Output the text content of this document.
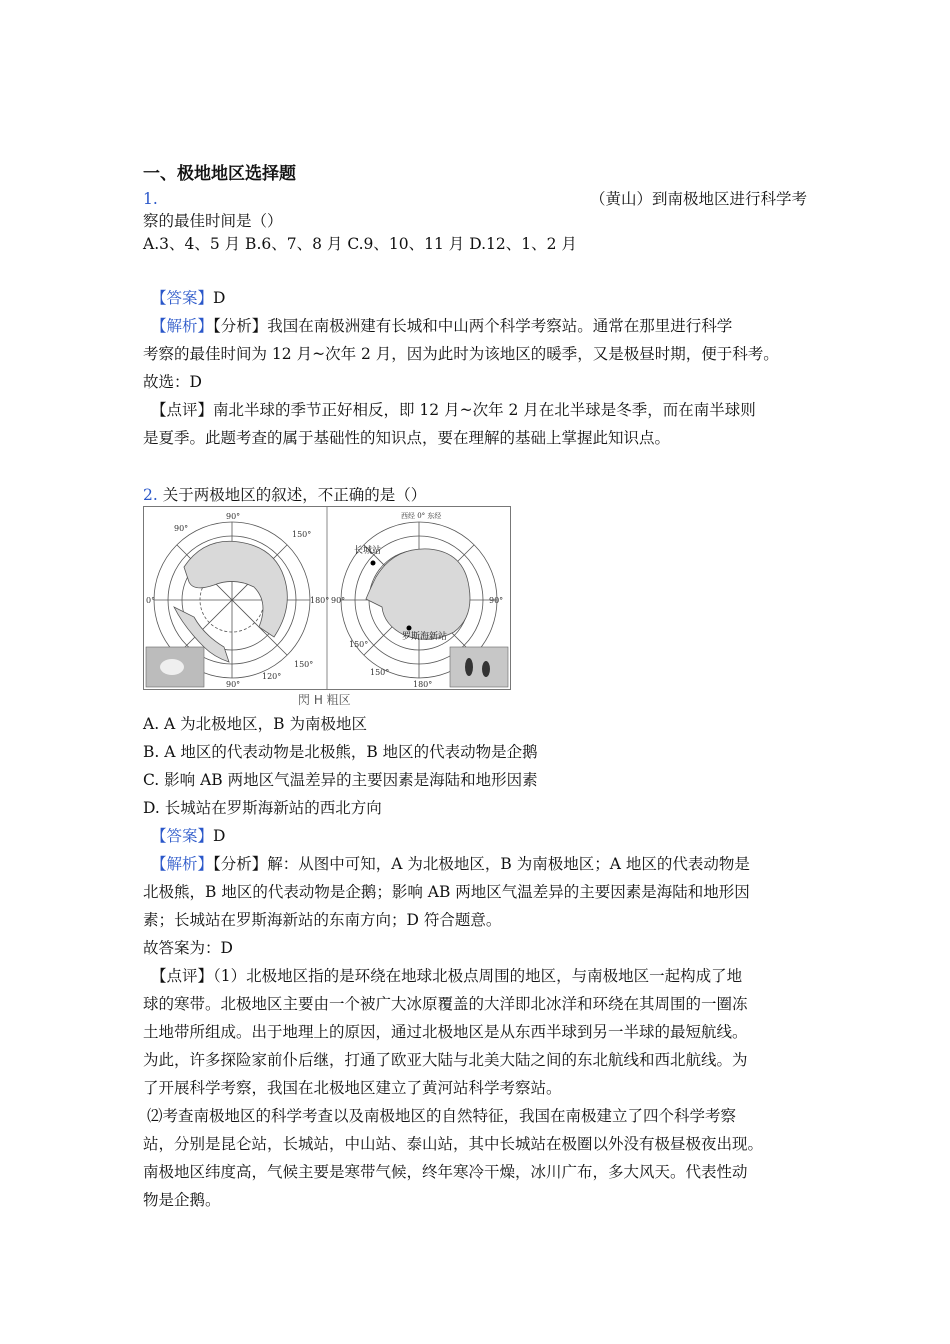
一、极地地区选择题
1.	（黄山）到南极地区进行科学考
察的最佳时间是（）
A.3、4、5 月 B.6、7、8 月 C.9、10、11 月 D.12、1、2 月
【答案】D
【解析】【分析】我国在南极洲建有长城和中山两个科学考察站。通常在那里进行科学
考察的最佳时间为 12 月~次年 2 月，因为此时为该地区的暖季，又是极昼时期，便于科考。
故选：D
【点评】南北半球的季节正好相反，即 12 月~次年 2 月在北半球是冬季，而在南半球则
是夏季。此题考查的属于基础性的知识点，要在理解的基础上掌握此知识点。
2. 关于两极地区的叙述，不正确的是（）
90°
150°
180°
150°
120°
90°
0°
90°
西经 0° 东经
长城站
罗斯海新站
90°	90°
150°
180°
150°
閃 H 粗区
A. A 为北极地区，B 为南极地区
B. A 地区的代表动物是北极熊，B 地区的代表动物是企鹅
C. 影响 AB 两地区气温差异的主要因素是海陆和地形因素
D. 长城站在罗斯海新站的西北方向
【答案】D
【解析】【分析】解：从图中可知，A 为北极地区，B 为南极地区；A 地区的代表动物是
北极熊，B 地区的代表动物是企鹅；影响 AB 两地区气温差异的主要因素是海陆和地形因
素；长城站在罗斯海新站的东南方向；D 符合题意。
故答案为：D
【点评】（1）北极地区指的是环绕在地球北极点周围的地区，与南极地区一起构成了地
球的寒带。北极地区主要由一个被广大冰原覆盖的大洋即北冰洋和环绕在其周围的一圈冻
土地带所组成。出于地理上的原因，通过北极地区是从东西半球到另一半球的最短航线。
为此，许多探险家前仆后继，打通了欧亚大陆与北美大陆之间的东北航线和西北航线。为
了开展科学考察，我国在北极地区建立了黄河站科学考察站。
⑵考查南极地区的科学考查以及南极地区的自然特征，我国在南极建立了四个科学考察
站，分别是昆仑站，长城站，中山站、泰山站，其中长城站在极圈以外没有极昼极夜出现。
南极地区纬度高，气候主要是寒带气候，终年寒冷干燥，冰川广布，多大风天。代表性动
物是企鹅。
